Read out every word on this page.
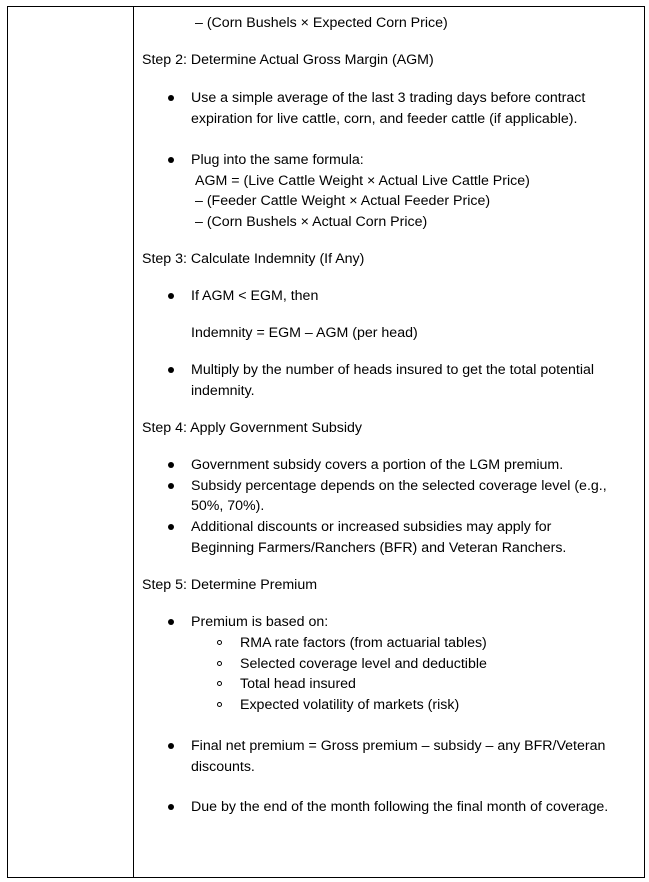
– (Corn Bushels × Expected Corn Price)
Step 2: Determine Actual Gross Margin (AGM)
Use a simple average of the last 3 trading days before contract
expiration for live cattle, corn, and feeder cattle (if applicable).
Plug into the same formula:
AGM = (Live Cattle Weight × Actual Live Cattle Price)
– (Feeder Cattle Weight × Actual Feeder Price)
– (Corn Bushels × Actual Corn Price)
Step 3: Calculate Indemnity (If Any)
If AGM < EGM, then
Indemnity = EGM – AGM (per head)
Multiply by the number of heads insured to get the total potential
indemnity.
Step 4: Apply Government Subsidy
Government subsidy covers a portion of the LGM premium.
Subsidy percentage depends on the selected coverage level (e.g.,
50%, 70%).
Additional discounts or increased subsidies may apply for
Beginning Farmers/Ranchers (BFR) and Veteran Ranchers.
Step 5: Determine Premium
Premium is based on:
RMA rate factors (from actuarial tables)
Selected coverage level and deductible
Total head insured
Expected volatility of markets (risk)
Final net premium = Gross premium – subsidy – any BFR/Veteran
discounts.
Due by the end of the month following the final month of coverage.
